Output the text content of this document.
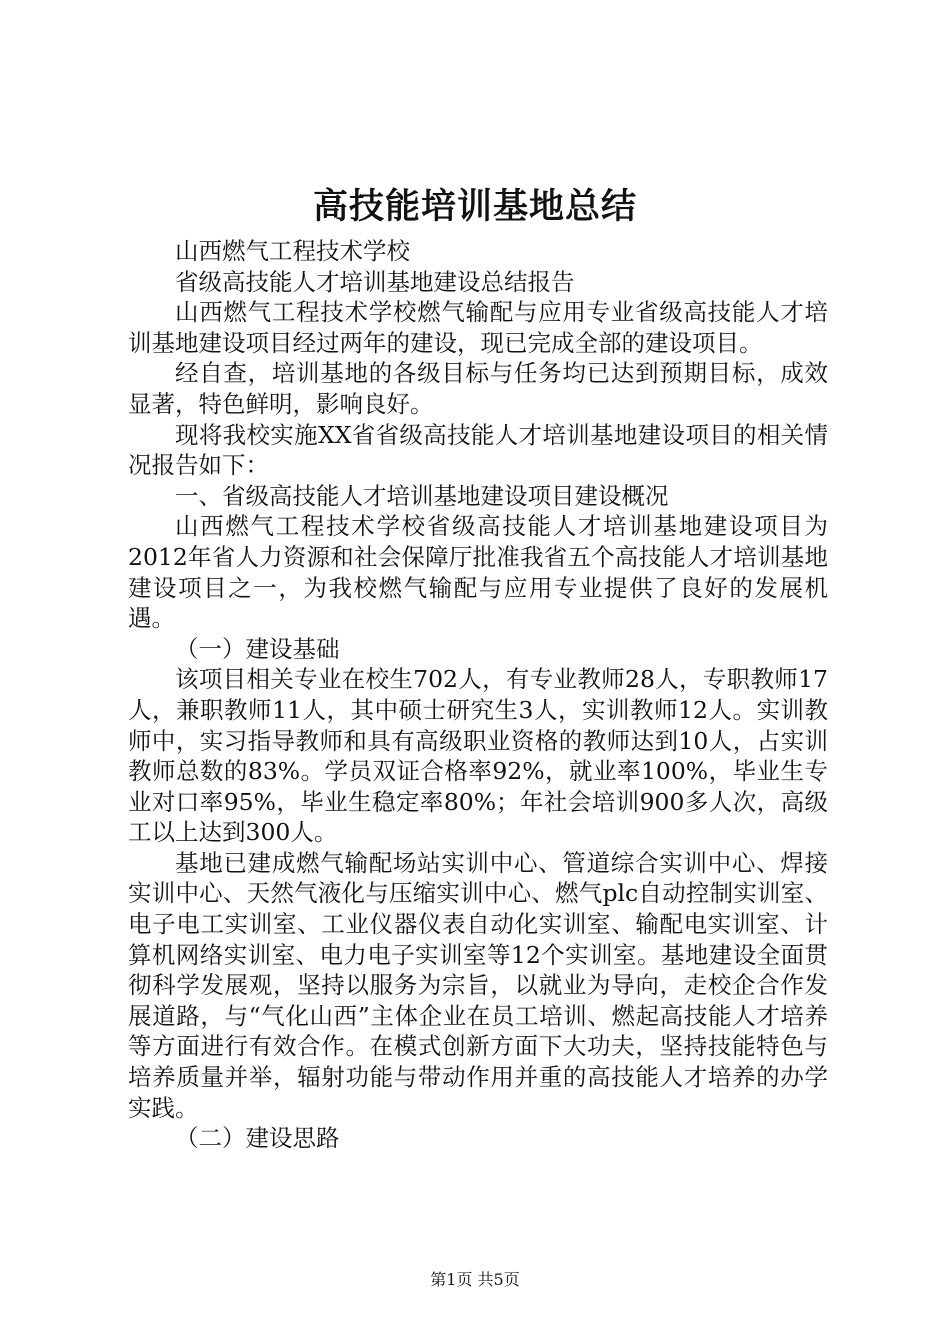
高技能培训基地总结

山西燃气工程技术学校

省级高技能人才培训基地建设总结报告

山西燃气工程技术学校燃气输配与应用专业省级高技能人才培训基地建设项目经过两年的建设，现已完成全部的建设项目。

经自查，培训基地的各级目标与任务均已达到预期目标，成效显著，特色鲜明，影响良好。

现将我校实施XX省省级高技能人才培训基地建设项目的相关情况报告如下：

一、省级高技能人才培训基地建设项目建设概况

山西燃气工程技术学校省级高技能人才培训基地建设项目为2012年省人力资源和社会保障厅批准我省五个高技能人才培训基地建设项目之一，为我校燃气输配与应用专业提供了良好的发展机遇。

（一）建设基础

该项目相关专业在校生702人，有专业教师28人，专职教师17人，兼职教师11人，其中硕士研究生3人，实训教师12人。实训教师中，实习指导教师和具有高级职业资格的教师达到10人，占实训教师总数的83%。学员双证合格率92%，就业率100%，毕业生专业对口率95%，毕业生稳定率80%；年社会培训900多人次，高级工以上达到300人。

基地已建成燃气输配场站实训中心、管道综合实训中心、焊接实训中心、天然气液化与压缩实训中心、燃气plc自动控制实训室、电子电工实训室、工业仪器仪表自动化实训室、输配电实训室、计算机网络实训室、电力电子实训室等12个实训室。基地建设全面贯彻科学发展观，坚持以服务为宗旨，以就业为导向，走校企合作发展道路，与“气化山西”主体企业在员工培训、燃起高技能人才培养等方面进行有效合作。在模式创新方面下大功夫，坚持技能特色与培养质量并举，辐射功能与带动作用并重的高技能人才培养的办学实践。

（二）建设思路

第1页 共5页
